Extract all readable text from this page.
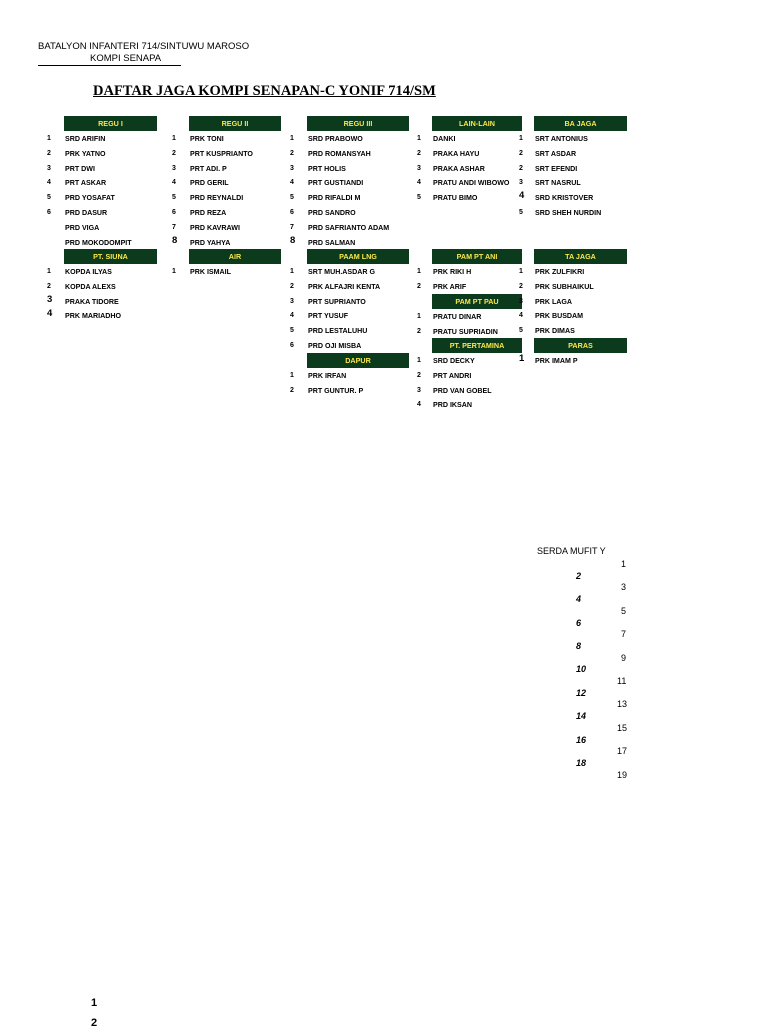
BATALYON INFANTERI 714/SINTUWU MAROSO
KOMPI SENAPA
DAFTAR JAGA KOMPI SENAPAN-C YONIF 714/SM
REGU I
1 SRD ARIFIN
2 PRK YATNO
3 PRT DWI
4 PRT ASKAR
5 PRD YOSAFAT
6 PRD DASUR
PRD VIGA
PRD MOKODOMPIT
REGU II
1 PRK TONI
2 PRT KUSPRIANTO
3 PRT ADI. P
4 PRD GERIL
5 PRD REYNALDI
6 PRD REZA
7 PRD KAVRAWI
8 PRD YAHYA
REGU III
1 SRD PRABOWO
2 PRD ROMANSYAH
3 PRT HOLIS
4 PRT GUSTIANDI
5 PRD RIFALDI M
6 PRD SANDRO
7 PRD SAFRIANTO ADAM
8 PRD SALMAN
LAIN-LAIN
1 DANKI
2 PRAKA HAYU
3 PRAKA ASHAR
4 PRATU ANDI WIBOWO
5 PRATU BIMO
BA JAGA
1 SRT ANTONIUS
2 SRT ASDAR
2 SRT EFENDI
3 SRT NASRUL
4 SRD KRISTOVER
5 SRD SHEH NURDIN
PT. SIUNA
1 KOPDA ILYAS
2 KOPDA ALEXS
3 PRAKA TIDORE
4 PRK MARIADHO
AIR
1 PRK ISMAIL
PAAM LNG
1 SRT MUH.ASDAR G
2 PRK ALFAJRI KENTA
3 PRT SUPRIANTO
4 PRT YUSUF
5 PRD LESTALUHU
6 PRD OJI MISBA
DAPUR
1 PRK IRFAN
2 PRT GUNTUR. P
PAM PT ANI
1 PRK RIKI H
2 PRK ARIF
PAM PT PAU
1 PRATU DINAR
2 PRATU SUPRIADIN
PT. PERTAMINA
1 SRD DECKY
2 PRT ANDRI
3 PRD VAN GOBEL
4 PRD IKSAN
TA JAGA
1 PRK ZULFIKRI
2 PRK SUBHAIKUL
3 PRK LAGA
4 PRK BUSDAM
5 PRK DIMAS
PARAS
1 PRK IMAM P
SERDA MUFIT Y
1
2
3
4
5
6
7
8
9
10
11
12
13
14
15
16
17
18
19
1
2
